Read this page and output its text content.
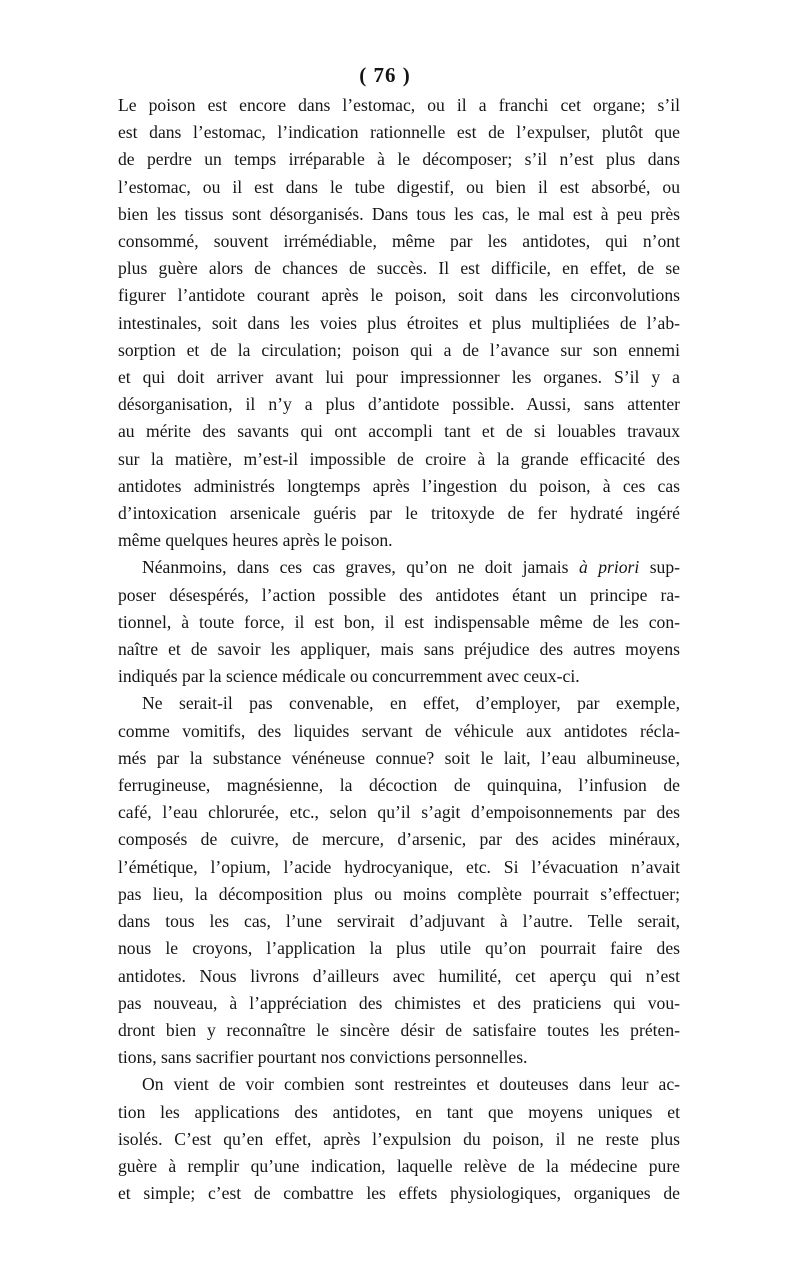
( 76 )

Le poison est encore dans l’estomac, ou il a franchi cet organe; s’il
est dans l’estomac, l’indication rationnelle est de l’expulser, plutôt que
de perdre un temps irréparable à le décomposer; s’il n’est plus dans
l’estomac, ou il est dans le tube digestif, ou bien il est absorbé, ou
bien les tissus sont désorganisés. Dans tous les cas, le mal est à peu près
consommé, souvent irrémédiable, même par les antidotes, qui n’ont
plus guère alors de chances de succès. Il est difficile, en effet, de se
figurer l’antidote courant après le poison, soit dans les circonvolutions
intestinales, soit dans les voies plus étroites et plus multipliées de l’ab-
sorption et de la circulation; poison qui a de l’avance sur son ennemi
et qui doit arriver avant lui pour impressionner les organes. S’il y a
désorganisation, il n’y a plus d’antidote possible. Aussi, sans attenter
au mérite des savants qui ont accompli tant et de si louables travaux
sur la matière, m’est-il impossible de croire à la grande efficacité des
antidotes administrés longtemps après l’ingestion du poison, à ces cas
d’intoxication arsenicale guéris par le tritoxyde de fer hydraté ingéré
même quelques heures après le poison.

Néanmoins, dans ces cas graves, qu’on ne doit jamais à priori sup-
poser désespérés, l’action possible des antidotes étant un principe ra-
tionnel, à toute force, il est bon, il est indispensable même de les con-
naître et de savoir les appliquer, mais sans préjudice des autres moyens
indiqués par la science médicale ou concurremment avec ceux-ci.

Ne serait-il pas convenable, en effet, d’employer, par exemple,
comme vomitifs, des liquides servant de véhicule aux antidotes récla-
més par la substance vénéneuse connue? soit le lait, l’eau albumineuse,
ferrugineuse, magnésienne, la décoction de quinquina, l’infusion de
café, l’eau chlorurée, etc., selon qu’il s’agit d’empoisonnements par des
composés de cuivre, de mercure, d’arsenic, par des acides minéraux,
l’émétique, l’opium, l’acide hydrocyanique, etc. Si l’évacuation n’avait
pas lieu, la décomposition plus ou moins complète pourrait s’effectuer;
dans tous les cas, l’une servirait d’adjuvant à l’autre. Telle serait,
nous le croyons, l’application la plus utile qu’on pourrait faire des
antidotes. Nous livrons d’ailleurs avec humilité, cet aperçu qui n’est
pas nouveau, à l’appréciation des chimistes et des praticiens qui vou-
dront bien y reconnaître le sincère désir de satisfaire toutes les préten-
tions, sans sacrifier pourtant nos convictions personnelles.

On vient de voir combien sont restreintes et douteuses dans leur ac-
tion les applications des antidotes, en tant que moyens uniques et
isolés. C’est qu’en effet, après l’expulsion du poison, il ne reste plus
guère à remplir qu’une indication, laquelle relève de la médecine pure
et simple; c’est de combattre les effets physiologiques, organiques de
